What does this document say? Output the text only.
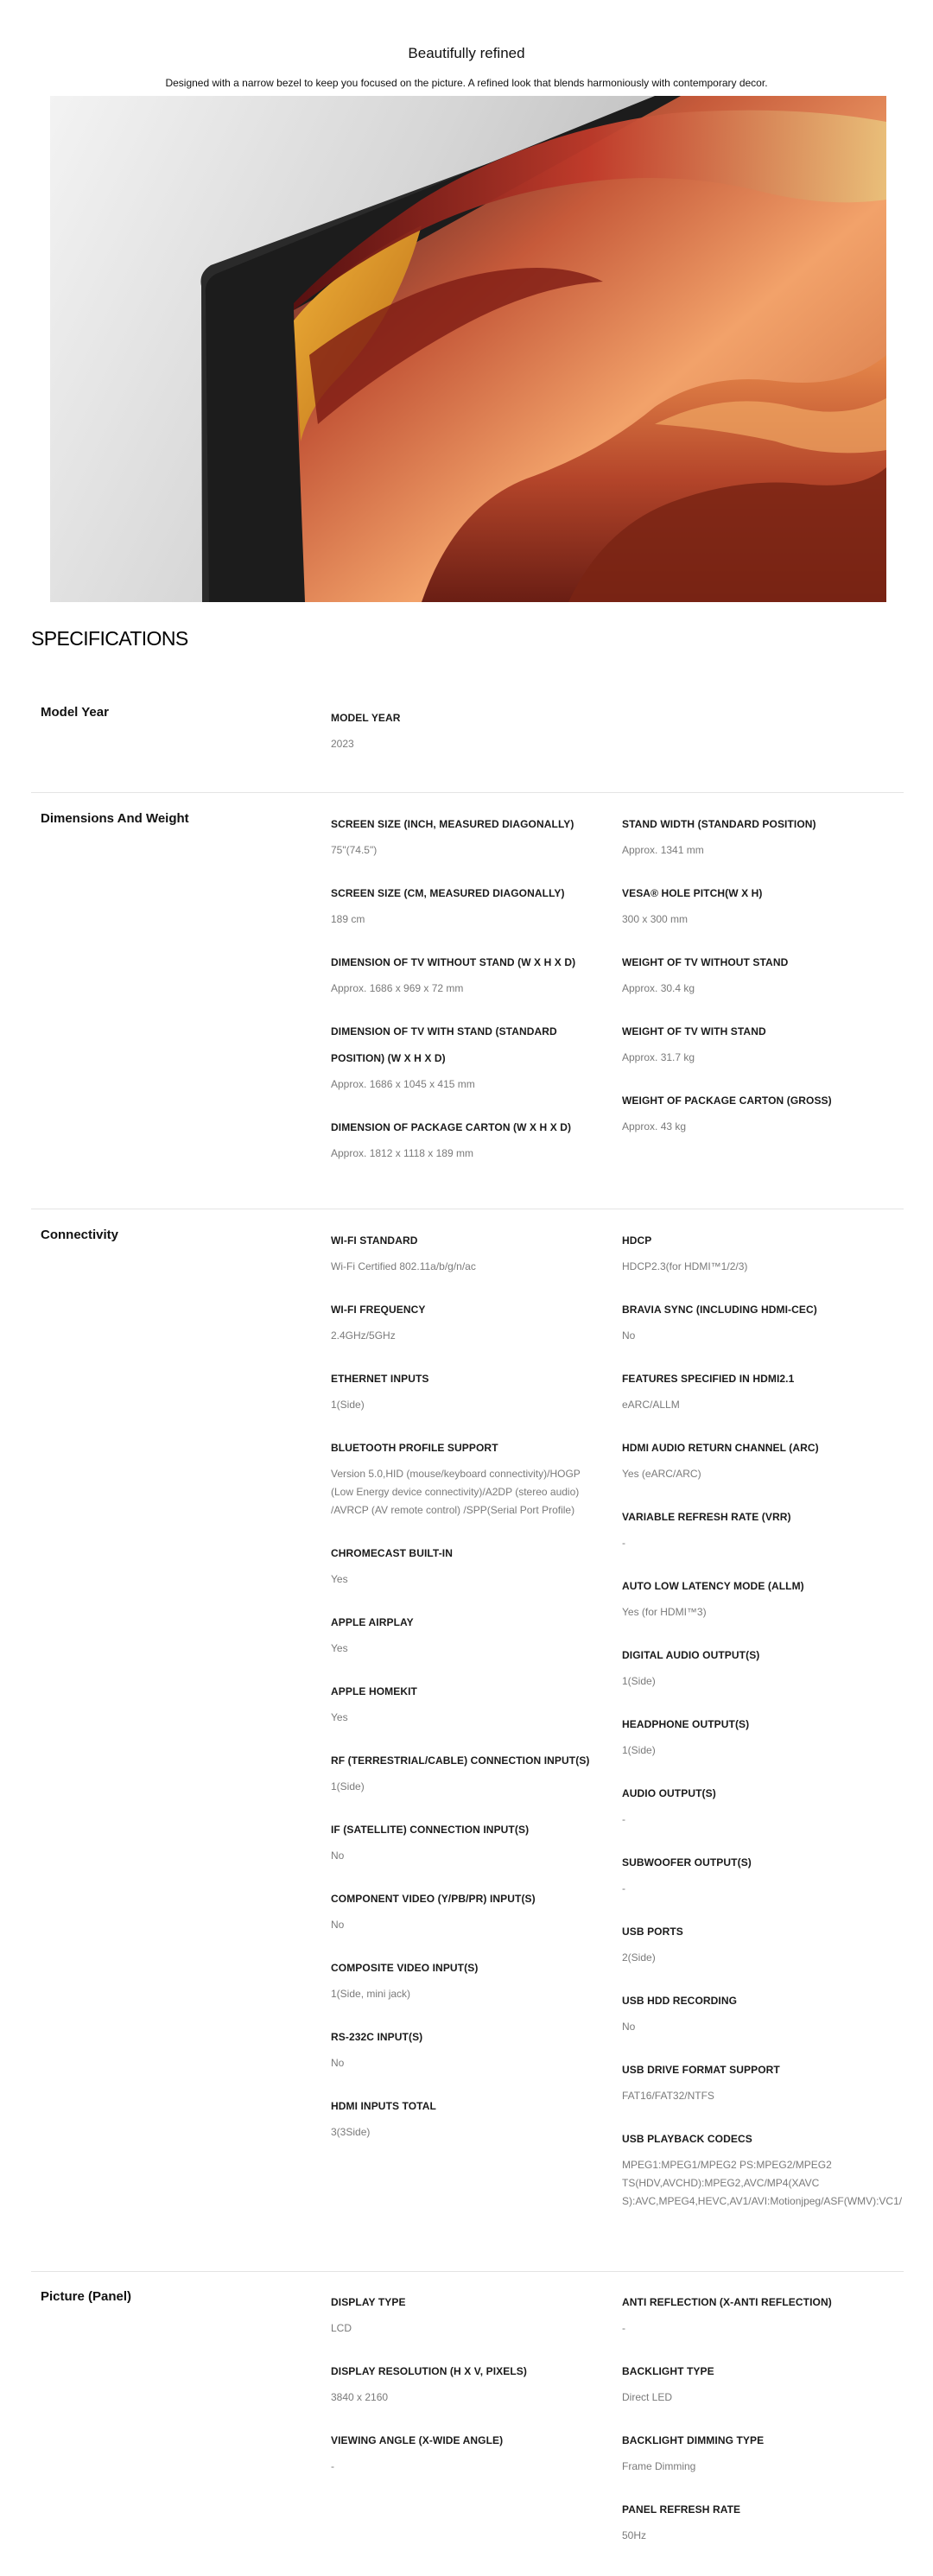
Beautifully refined

Designed with a narrow bezel to keep you focused on the picture. A refined look that blends harmoniously with contemporary decor.

SPECIFICATIONS
Model Year	MODEL YEAR
2023
Dimensions And Weight	SCREEN SIZE (INCH, MEASURED DIAGONALLY)
75"(74.5")
SCREEN SIZE (CM, MEASURED DIAGONALLY)
189 cm
DIMENSION OF TV WITHOUT STAND (W X H X D)
Approx. 1686 x 969 x 72 mm
DIMENSION OF TV WITH STAND (STANDARD POSITION) (W X H X D)
Approx. 1686 x 1045 x 415 mm
DIMENSION OF PACKAGE CARTON (W X H X D)
Approx. 1812 x 1118 x 189 mm
STAND WIDTH (STANDARD POSITION)
Approx. 1341 mm
VESA® HOLE PITCH(W X H)
300 x 300 mm
WEIGHT OF TV WITHOUT STAND
Approx. 30.4 kg
WEIGHT OF TV WITH STAND
Approx. 31.7 kg
WEIGHT OF PACKAGE CARTON (GROSS)
Approx. 43 kg
Connectivity	WI-FI STANDARD
Wi-Fi Certified 802.11a/b/g/n/ac
WI-FI FREQUENCY
2.4GHz/5GHz
ETHERNET INPUTS
1(Side)
BLUETOOTH PROFILE SUPPORT
Version 5.0,HID (mouse/keyboard connectivity)/HOGP (Low Energy device connectivity)/A2DP (stereo audio) /AVRCP (AV remote control) /SPP(Serial Port Profile)
CHROMECAST BUILT-IN
Yes
APPLE AIRPLAY
Yes
APPLE HOMEKIT
Yes
RF (TERRESTRIAL/CABLE) CONNECTION INPUT(S)
1(Side)
IF (SATELLITE) CONNECTION INPUT(S)
No
COMPONENT VIDEO (Y/PB/PR) INPUT(S)
No
COMPOSITE VIDEO INPUT(S)
1(Side, mini jack)
RS-232C INPUT(S)
No
HDMI INPUTS TOTAL
3(3Side)
HDCP
HDCP2.3(for HDMI™1/2/3)
BRAVIA SYNC (INCLUDING HDMI-CEC)
No
FEATURES SPECIFIED IN HDMI2.1
eARC/ALLM
HDMI AUDIO RETURN CHANNEL (ARC)
Yes (eARC/ARC)
VARIABLE REFRESH RATE (VRR)
-
AUTO LOW LATENCY MODE (ALLM)
Yes (for HDMI™3)
DIGITAL AUDIO OUTPUT(S)
1(Side)
HEADPHONE OUTPUT(S)
1(Side)
AUDIO OUTPUT(S)
-
SUBWOOFER OUTPUT(S)
-
USB PORTS
2(Side)
USB HDD RECORDING
No
USB DRIVE FORMAT SUPPORT
FAT16/FAT32/NTFS
USB PLAYBACK CODECS
MPEG1:MPEG1/MPEG2 PS:MPEG2/MPEG2 TS(HDV,AVCHD):MPEG2,AVC/MP4(XAVC S):AVC,MPEG4,HEVC,AV1/AVI:Motionjpeg/ASF(WMV):VC1/
Picture (Panel)	DISPLAY TYPE
LCD
DISPLAY RESOLUTION (H X V, PIXELS)
3840 x 2160
VIEWING ANGLE (X-WIDE ANGLE)
-
ANTI REFLECTION (X-ANTI REFLECTION)
-
BACKLIGHT TYPE
Direct LED
BACKLIGHT DIMMING TYPE
Frame Dimming
PANEL REFRESH RATE
50Hz
